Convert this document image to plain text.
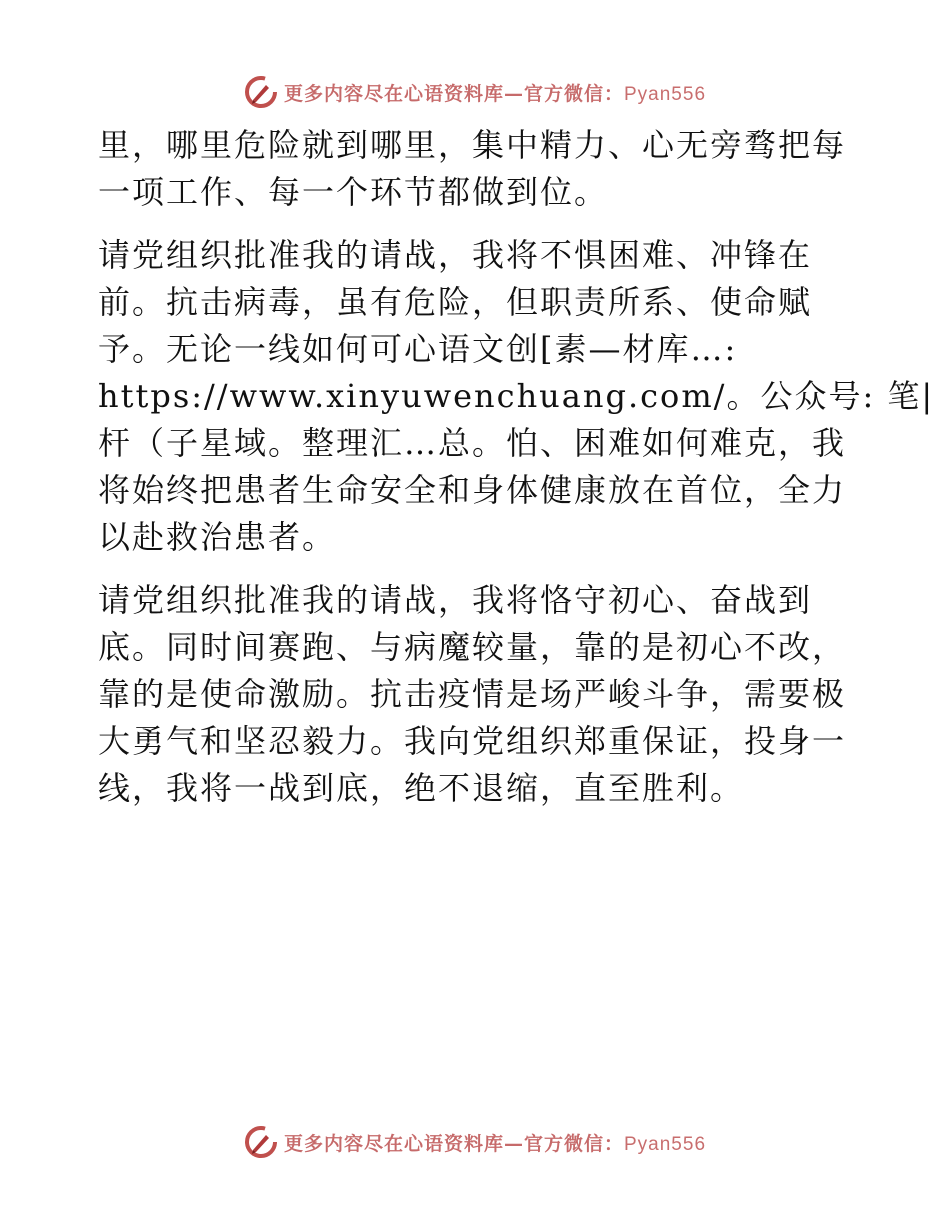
更多内容尽在心语资料库—官方微信：Pyan556

里，哪里危险就到哪里，集中精力、心无旁骛把每
一项工作、每一个环节都做到位。

请党组织批准我的请战，我将不惧困难、冲锋在
前。抗击病毒，虽有危险，但职责所系、使命赋
予。无论一线如何可心语文创[素—材库…:
https://www.xinyuwenchuang.com/。公众号: 笔|
杆（子星域。整理汇…总。怕、困难如何难克，我
将始终把患者生命安全和身体健康放在首位，全力
以赴救治患者。

请党组织批准我的请战，我将恪守初心、奋战到
底。同时间赛跑、与病魔较量，靠的是初心不改，
靠的是使命激励。抗击疫情是场严峻斗争，需要极
大勇气和坚忍毅力。我向党组织郑重保证，投身一
线，我将一战到底，绝不退缩，直至胜利。

更多内容尽在心语资料库—官方微信：Pyan556
